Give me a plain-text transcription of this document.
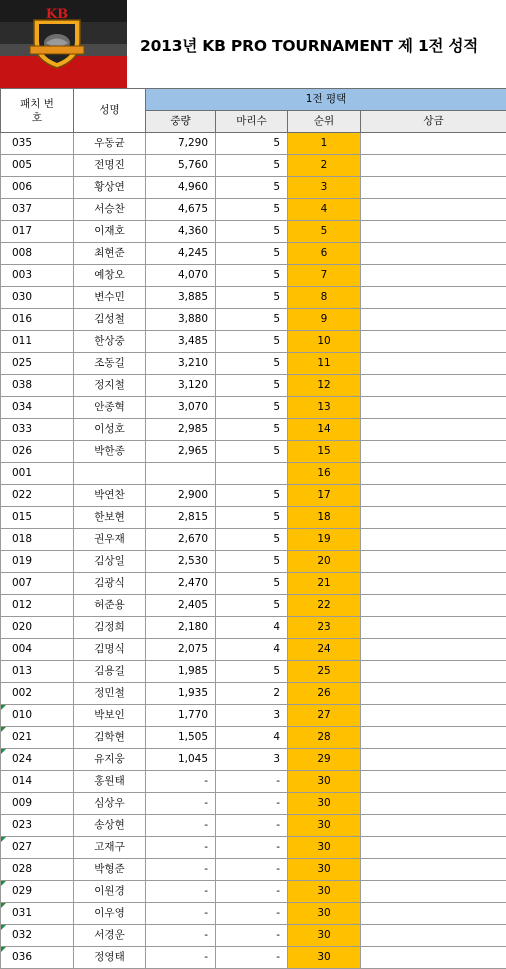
KB
2013년 KB PRO TOURNAMENT 제 1전 성적
패치 번호	성명	1전 평택			
		중량	마리수	순위	상금
035	우동균	7,290	5	1	
005	전명진	5,760	5	2	
006	황상연	4,960	5	3	
037	서승찬	4,675	5	4	
017	이재호	4,360	5	5	
008	최현준	4,245	5	6	
003	예창오	4,070	5	7	
030	변수민	3,885	5	8	
016	김성철	3,880	5	9	
011	한상중	3,485	5	10	
025	조동길	3,210	5	11	
038	정지철	3,120	5	12	
034	안종혁	3,070	5	13	
033	이성호	2,985	5	14	
026	박한종	2,965	5	15	
001				16	
022	박연찬	2,900	5	17	
015	한보현	2,815	5	18	
018	권우재	2,670	5	19	
019	김상일	2,530	5	20	
007	김광식	2,470	5	21	
012	허준용	2,405	5	22	
020	김정희	2,180	4	23	
004	김명식	2,075	4	24	
013	김용길	1,985	5	25	
002	정민철	1,935	2	26	
010	박보인	1,770	3	27	
021	김학현	1,505	4	28	
024	유지웅	1,045	3	29	
014	홍원태	-	-	30	
009	심상우	-	-	30	
023	송상현	-	-	30	
027	고재구	-	-	30	
028	박형준	-	-	30	
029	이원경	-	-	30	
031	이우영	-	-	30	
032	서경운	-	-	30	
036	정영태	-	-	30	
